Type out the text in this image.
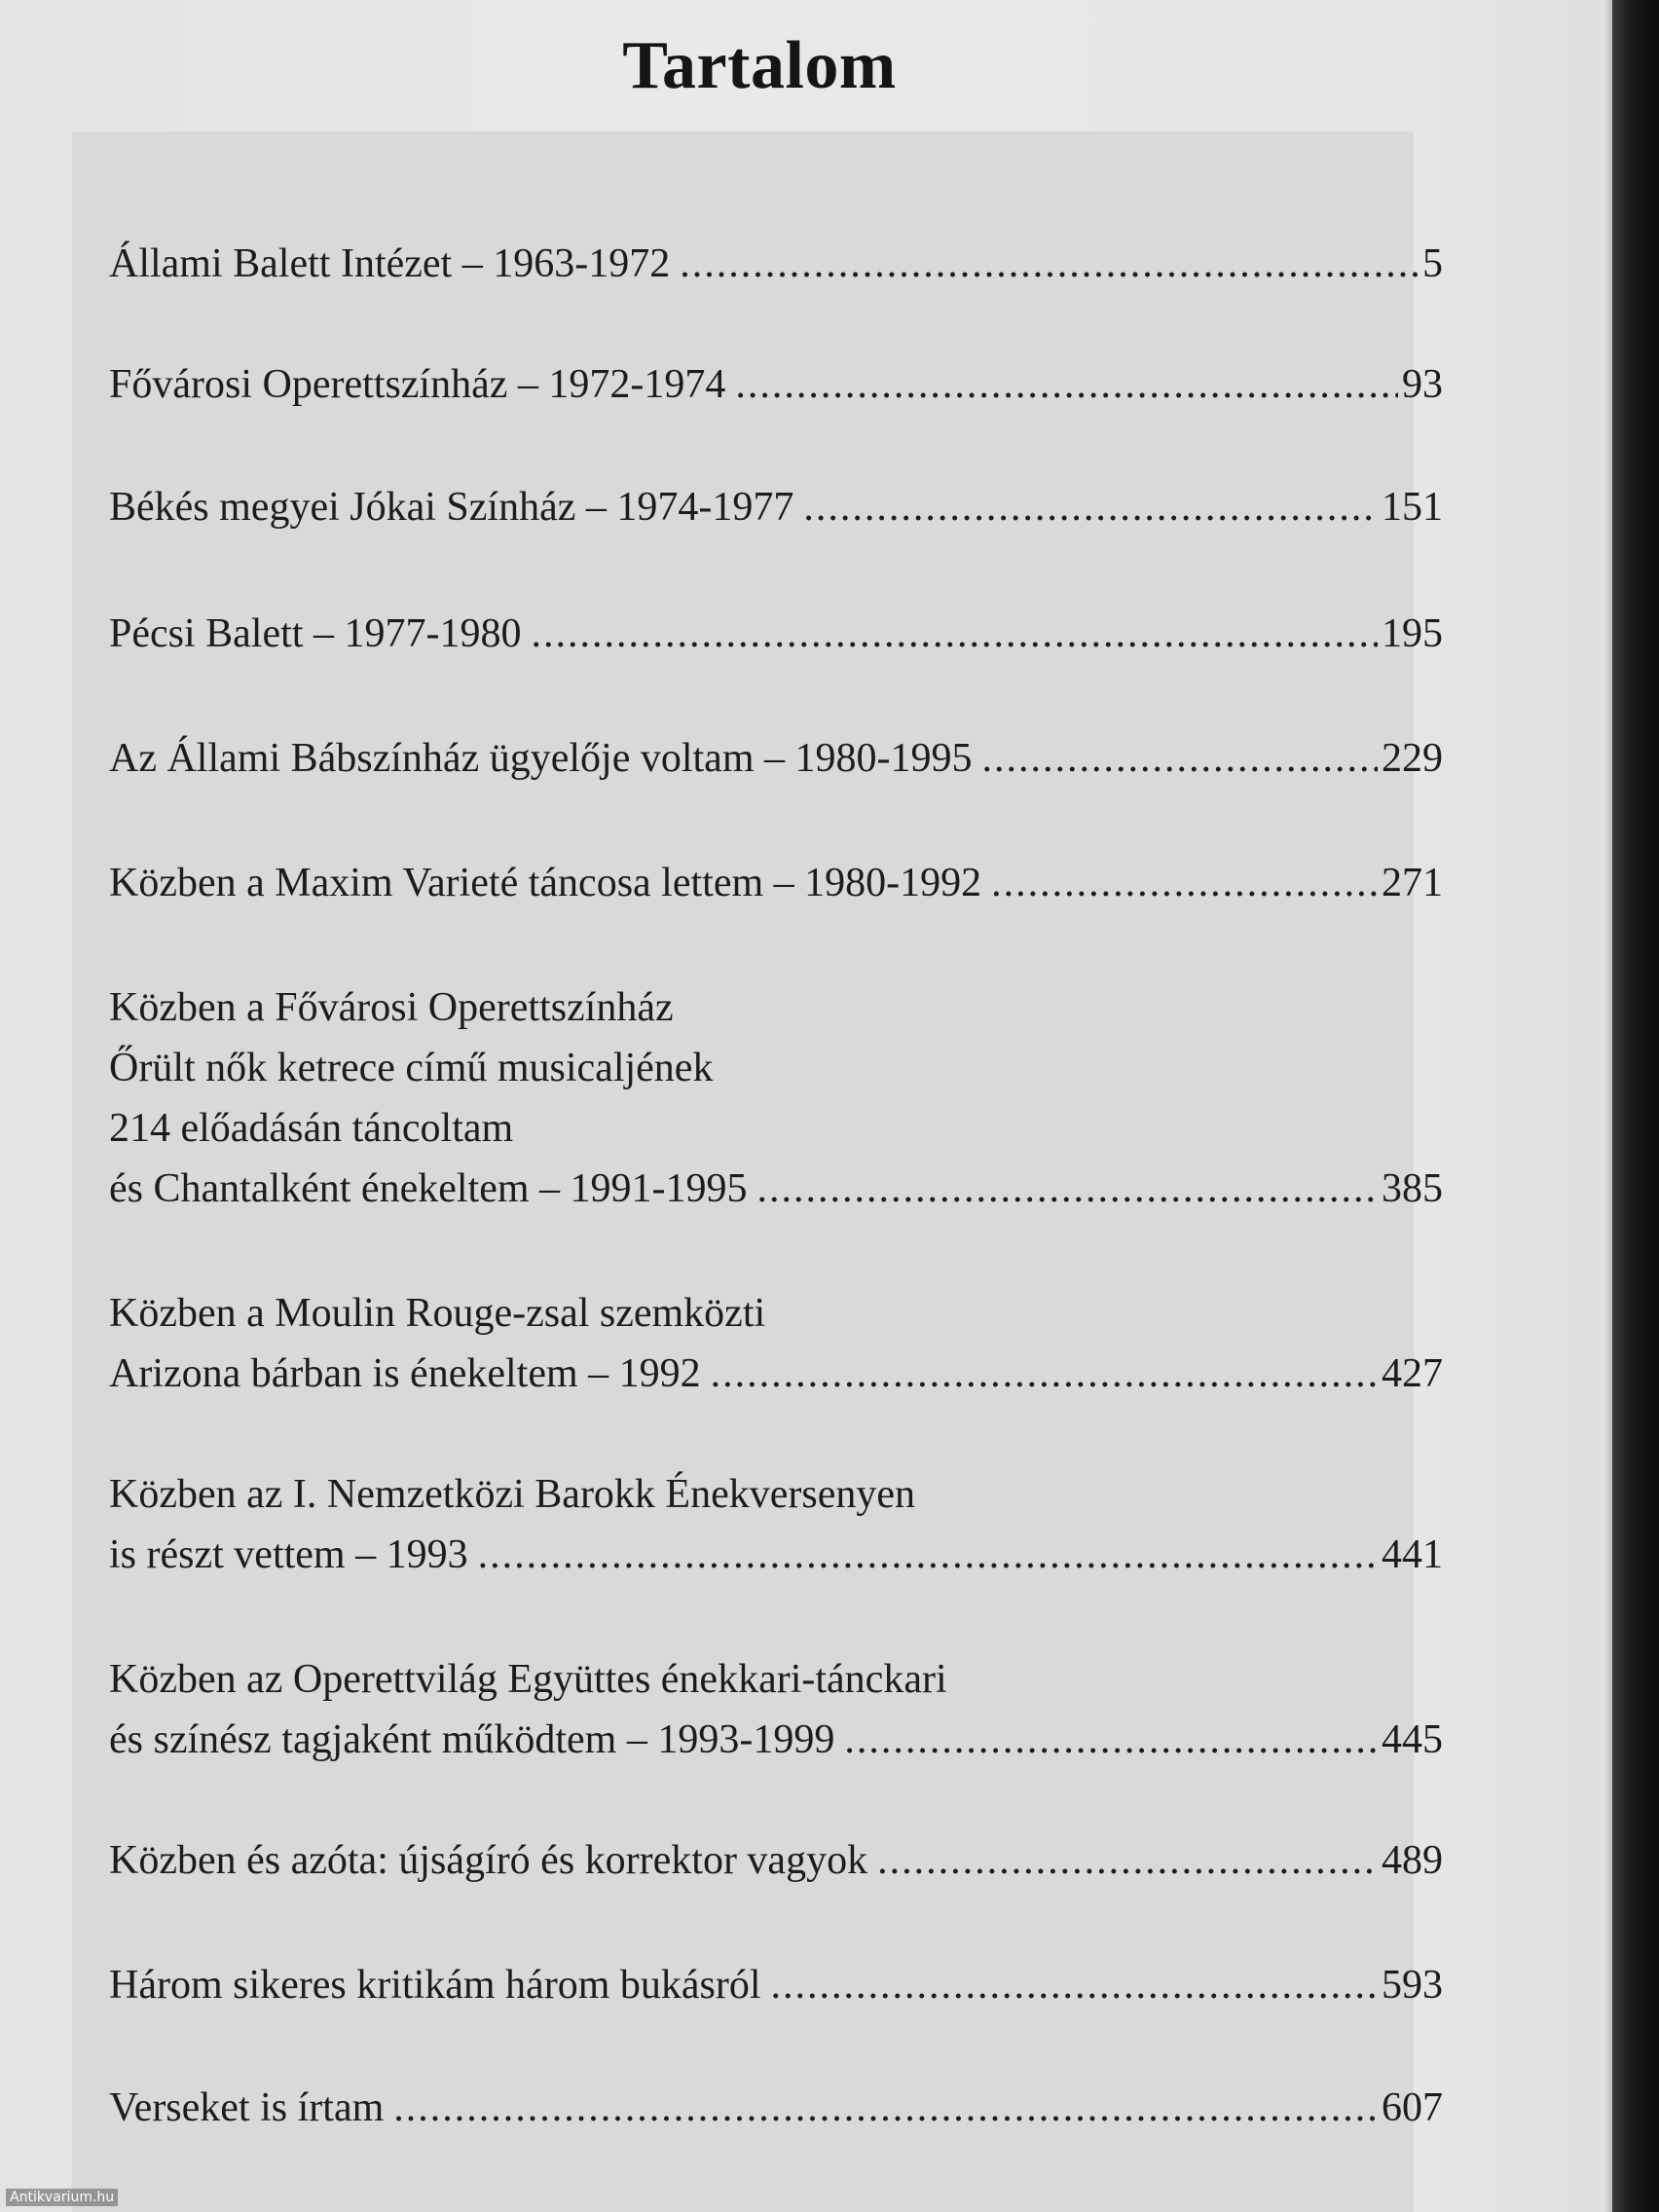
Tartalom
Állami Balett Intézet – 1963-1972 .....	5
Fővárosi Operettszínház – 1972-1974 .....	93
Békés megyei Jókai Színház – 1974-1977 .....	151
Pécsi Balett – 1977-1980 .....	195
Az Állami Bábszínház ügyelője voltam – 1980-1995 .....	229
Közben a Maxim Varieté táncosa lettem – 1980-1992 .....	271
Közben a Fővárosi Operettszínház
Őrült nők ketrece című musicaljének
214 előadásán táncoltam
és Chantalként énekeltem – 1991-1995 .....	385
Közben a Moulin Rouge-zsal szemközti
Arizona bárban is énekeltem – 1992 .....	427
Közben az I. Nemzetközi Barokk Énekversenyen
is részt vettem – 1993 .....	441
Közben az Operettvilág Együttes énekkari-tánckari
és színész tagjaként működtem – 1993-1999 .....	445
Közben és azóta: újságíró és korrektor vagyok .....	489
Három sikeres kritikám három bukásról .....	593
Verseket is írtam .....	607
Antikvarium.hu
